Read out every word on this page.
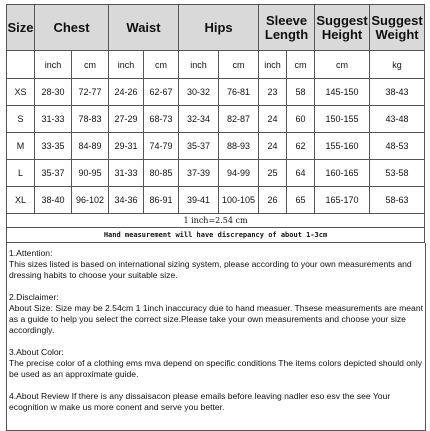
Size	Chest		Waist		Hips		Sleeve Length		Suggest Height	Suggest Weight
	inch	cm	inch	cm	inch	cm	inch	cm	cm	kg
XS	28-30	72-77	24-26	62-67	30-32	76-81	23	58	145-150	38-43
S	31-33	78-83	27-29	68-73	32-34	82-87	24	60	150-155	43-48
M	33-35	84-89	29-31	74-79	35-37	88-93	24	62	155-160	48-53
L	35-37	90-95	31-33	80-85	37-39	94-99	25	64	160-165	53-58
XL	38-40	96-102	34-36	86-91	39-41	100-105	26	65	165-170	58-63
1 inch=2.54 cm										
Hand measurement will have discrepancy of about 1-3cm										

1.Attention:

This sizes listed is based on international sizing system, please according to your own measurements and dressing habits to choose your suitable size.

2.Disclaimer:

About Size: Size may be 2.54cm 1 1inch inaccuracy due to hand measuer. Thsese measurements are meant as a guide to help you select the correct size.Please take your own measurements and choose your size accordingly.

3.About Color:

The precise color of a clothing ems mva depend on specific conditions The items colors depicted should only be used as an approximate guide.

4.About Review If there is any dissaisacon please emails before leaving nadler eso esv the see Your ecognition w make us more conent and serve you better.
